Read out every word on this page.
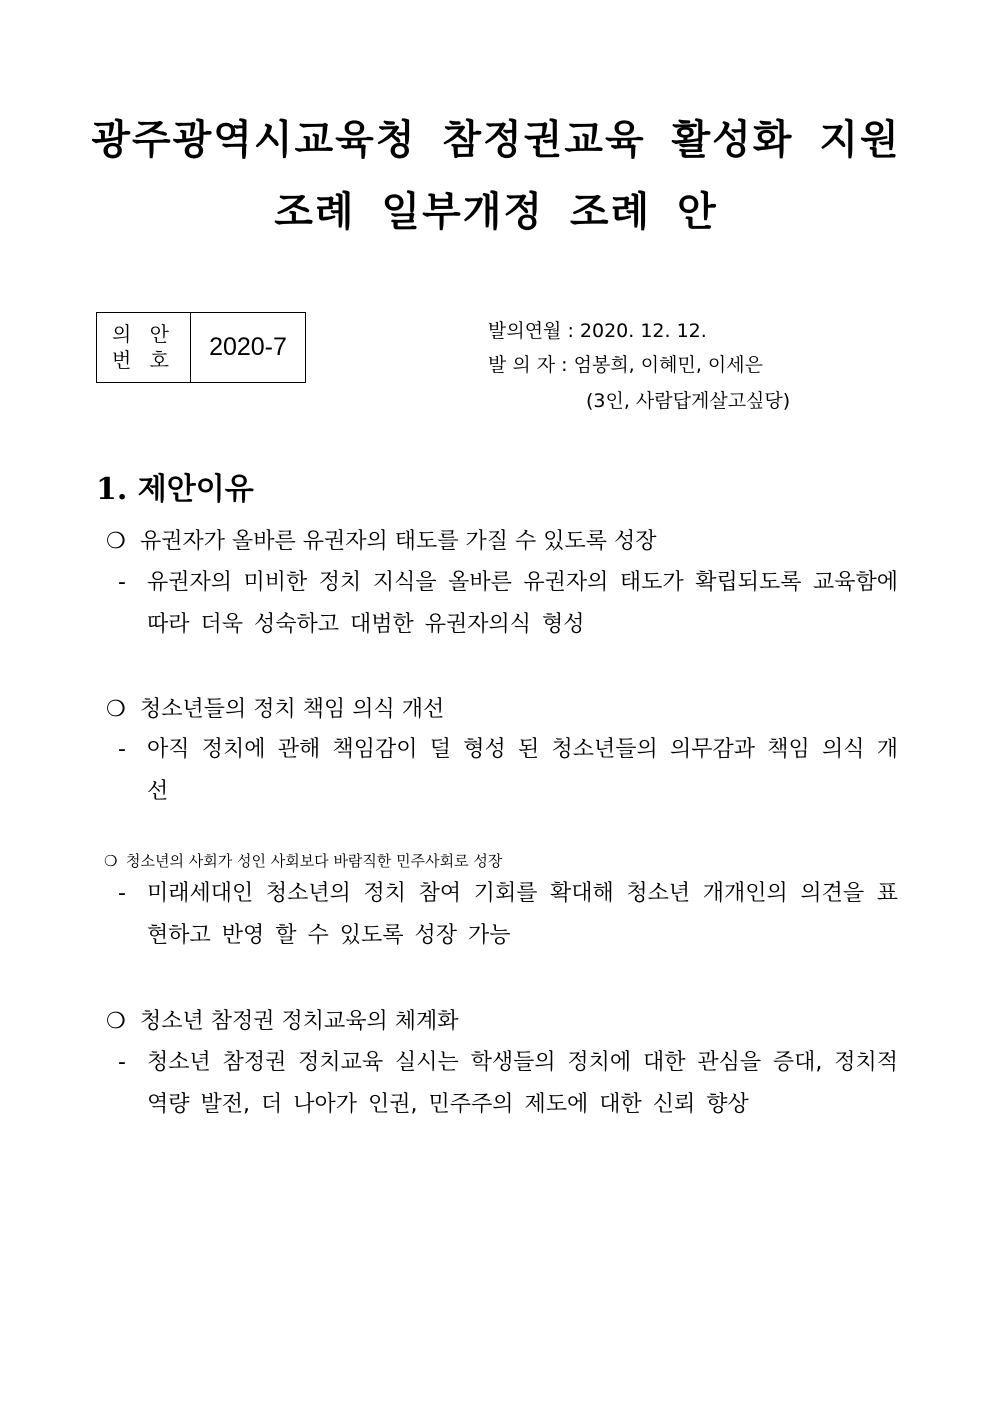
광주광역시교육청 참정권교육 활성화 지원
조례 일부개정 조례 안
의 안
번 호	2020-7
발의연월 : 2020. 12. 12.
발 의 자 : 엄봉희, 이혜민, 이세은
(3인, 사람답게살고싶당)
1. 제안이유
❍ 유권자가 올바른 유권자의 태도를 가질 수 있도록 성장
- 유권자의 미비한 정치 지식을 올바른 유권자의 태도가 확립되도록 교육함에 따라 더욱 성숙하고 대범한 유권자의식 형성
❍ 청소년들의 정치 책임 의식 개선
- 아직 정치에 관해 책임감이 덜 형성 된 청소년들의 의무감과 책임 의식 개선
❍ 청소년의 사회가 성인 사회보다 바람직한 민주사회로 성장
- 미래세대인 청소년의 정치 참여 기회를 확대해 청소년 개개인의 의견을 표현하고 반영 할 수 있도록 성장 가능
❍ 청소년 참정권 정치교육의 체계화
- 청소년 참정권 정치교육 실시는 학생들의 정치에 대한 관심을 증대, 정치적 역량 발전, 더 나아가 인권, 민주주의 제도에 대한 신뢰 향상
